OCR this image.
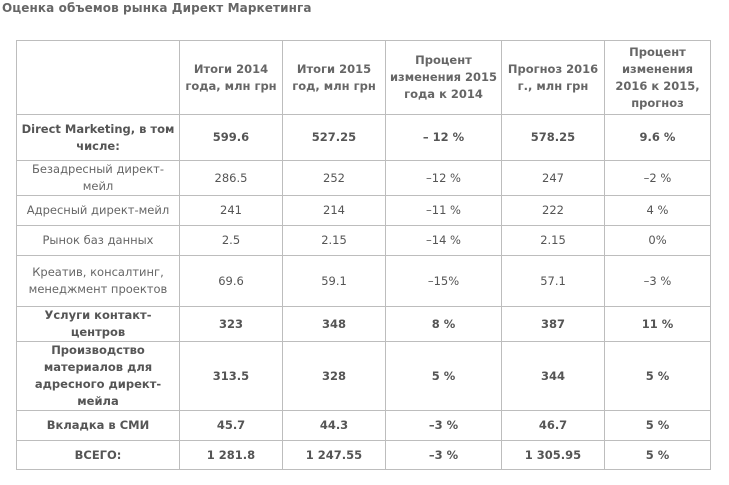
Оценка объемов рынка Директ Маркетинга
	Итоги 2014 года, млн грн	Итоги 2015 год, млн грн	Процент изменения 2015 года к 2014	Прогноз 2016 г., млн грн	Процент изменения 2016 к 2015, прогноз
Direct Marketing, в том числе:	599.6	527.25	– 12 %	578.25	9.6 %
Безадресный директ-мейл	286.5	252	–12 %	247	–2 %
Адресный директ-мейл	241	214	–11 %	222	4 %
Рынок баз данных	2.5	2.15	–14 %	2.15	0%
Креатив, консалтинг, менеджмент проектов	69.6	59.1	–15%	57.1	–3 %
Услуги контакт-центров	323	348	8 %	387	11 %
Производство материалов для адресного директ-мейла	313.5	328	5 %	344	5 %
Вкладка в СМИ	45.7	44.3	–3 %	46.7	5 %
ВСЕГО:	1 281.8	1 247.55	–3 %	1 305.95	5 %
